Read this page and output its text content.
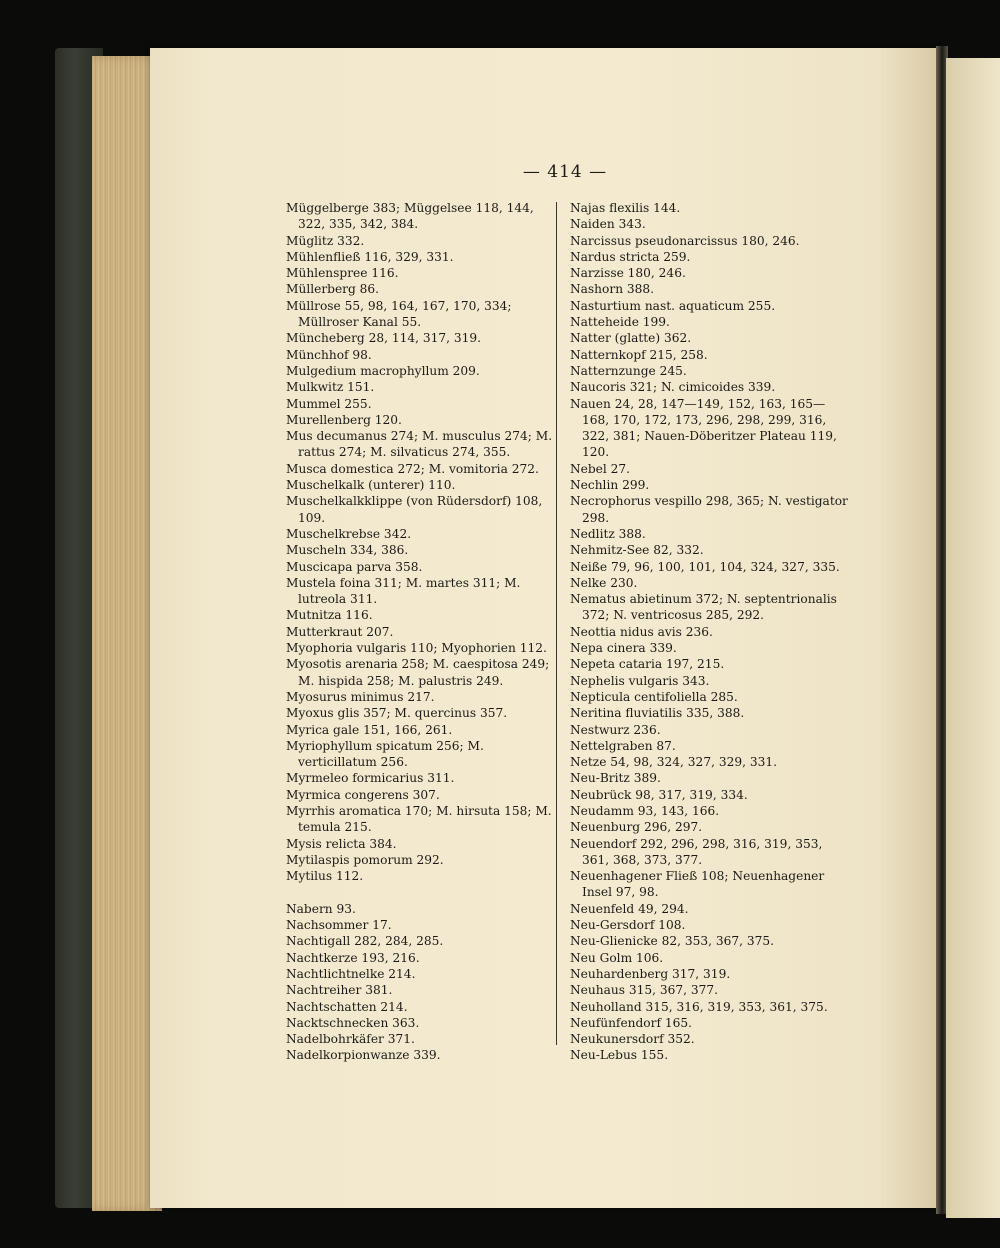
— 414 —

Müggelberge 383; Müggelsee 118, 144, 322, 335, 342, 384.

Müglitz 332.

Mühlenfließ 116, 329, 331.

Mühlenspree 116.

Müllerberg 86.

Müllrose 55, 98, 164, 167, 170, 334; Müllroser Kanal 55.

Müncheberg 28, 114, 317, 319.

Münchhof 98.

Mulgedium macrophyllum 209.

Mulkwitz 151.

Mummel 255.

Murellenberg 120.

Mus decumanus 274; M. musculus 274; M. rattus 274; M. silvaticus 274, 355.

Musca domestica 272; M. vomitoria 272.

Muschelkalk (unterer) 110.

Muschelkalkklippe (von Rüdersdorf) 108, 109.

Muschelkrebse 342.

Muscheln 334, 386.

Muscicapa parva 358.

Mustela foina 311; M. martes 311; M. lutreola 311.

Mutnitza 116.

Mutterkraut 207.

Myophoria vulgaris 110; Myophorien 112.

Myosotis arenaria 258; M. caespitosa 249; M. hispida 258; M. palustris 249.

Myosurus minimus 217.

Myoxus glis 357; M. quercinus 357.

Myrica gale 151, 166, 261.

Myriophyllum spicatum 256; M. verticillatum 256.

Myrmeleo formicarius 311.

Myrmica congerens 307.

Myrrhis aromatica 170; M. hirsuta 158; M. temula 215.

Mysis relicta 384.

Mytilaspis pomorum 292.

Mytilus 112.

Nabern 93.

Nachsommer 17.

Nachtigall 282, 284, 285.

Nachtkerze 193, 216.

Nachtlichtnelke 214.

Nachtreiher 381.

Nachtschatten 214.

Nacktschnecken 363.

Nadelbohrkäfer 371.

Nadelkorpionwanze 339.

Najas flexilis 144.

Naiden 343.

Narcissus pseudonarcissus 180, 246.

Nardus stricta 259.

Narzisse 180, 246.

Nashorn 388.

Nasturtium nast. aquaticum 255.

Natteheide 199.

Natter (glatte) 362.

Natternkopf 215, 258.

Natternzunge 245.

Naucoris 321; N. cimicoides 339.

Nauen 24, 28, 147—149, 152, 163, 165—168, 170, 172, 173, 296, 298, 299, 316, 322, 381; Nauen-Döberitzer Plateau 119, 120.

Nebel 27.

Nechlin 299.

Necrophorus vespillo 298, 365; N. vestigator 298.

Nedlitz 388.

Nehmitz-See 82, 332.

Neiße 79, 96, 100, 101, 104, 324, 327, 335.

Nelke 230.

Nematus abietinum 372; N. septentrionalis 372; N. ventricosus 285, 292.

Neottia nidus avis 236.

Nepa cinera 339.

Nepeta cataria 197, 215.

Nephelis vulgaris 343.

Nepticula centifoliella 285.

Neritina fluviatilis 335, 388.

Nestwurz 236.

Nettelgraben 87.

Netze 54, 98, 324, 327, 329, 331.

Neu-Britz 389.

Neubrück 98, 317, 319, 334.

Neudamm 93, 143, 166.

Neuenburg 296, 297.

Neuendorf 292, 296, 298, 316, 319, 353, 361, 368, 373, 377.

Neuenhagener Fließ 108; Neuenhagener Insel 97, 98.

Neuenfeld 49, 294.

Neu-Gersdorf 108.

Neu-Glienicke 82, 353, 367, 375.

Neu Golm 106.

Neuhardenberg 317, 319.

Neuhaus 315, 367, 377.

Neuholland 315, 316, 319, 353, 361, 375.

Neufünfendorf 165.

Neukunersdorf 352.

Neu-Lebus 155.
